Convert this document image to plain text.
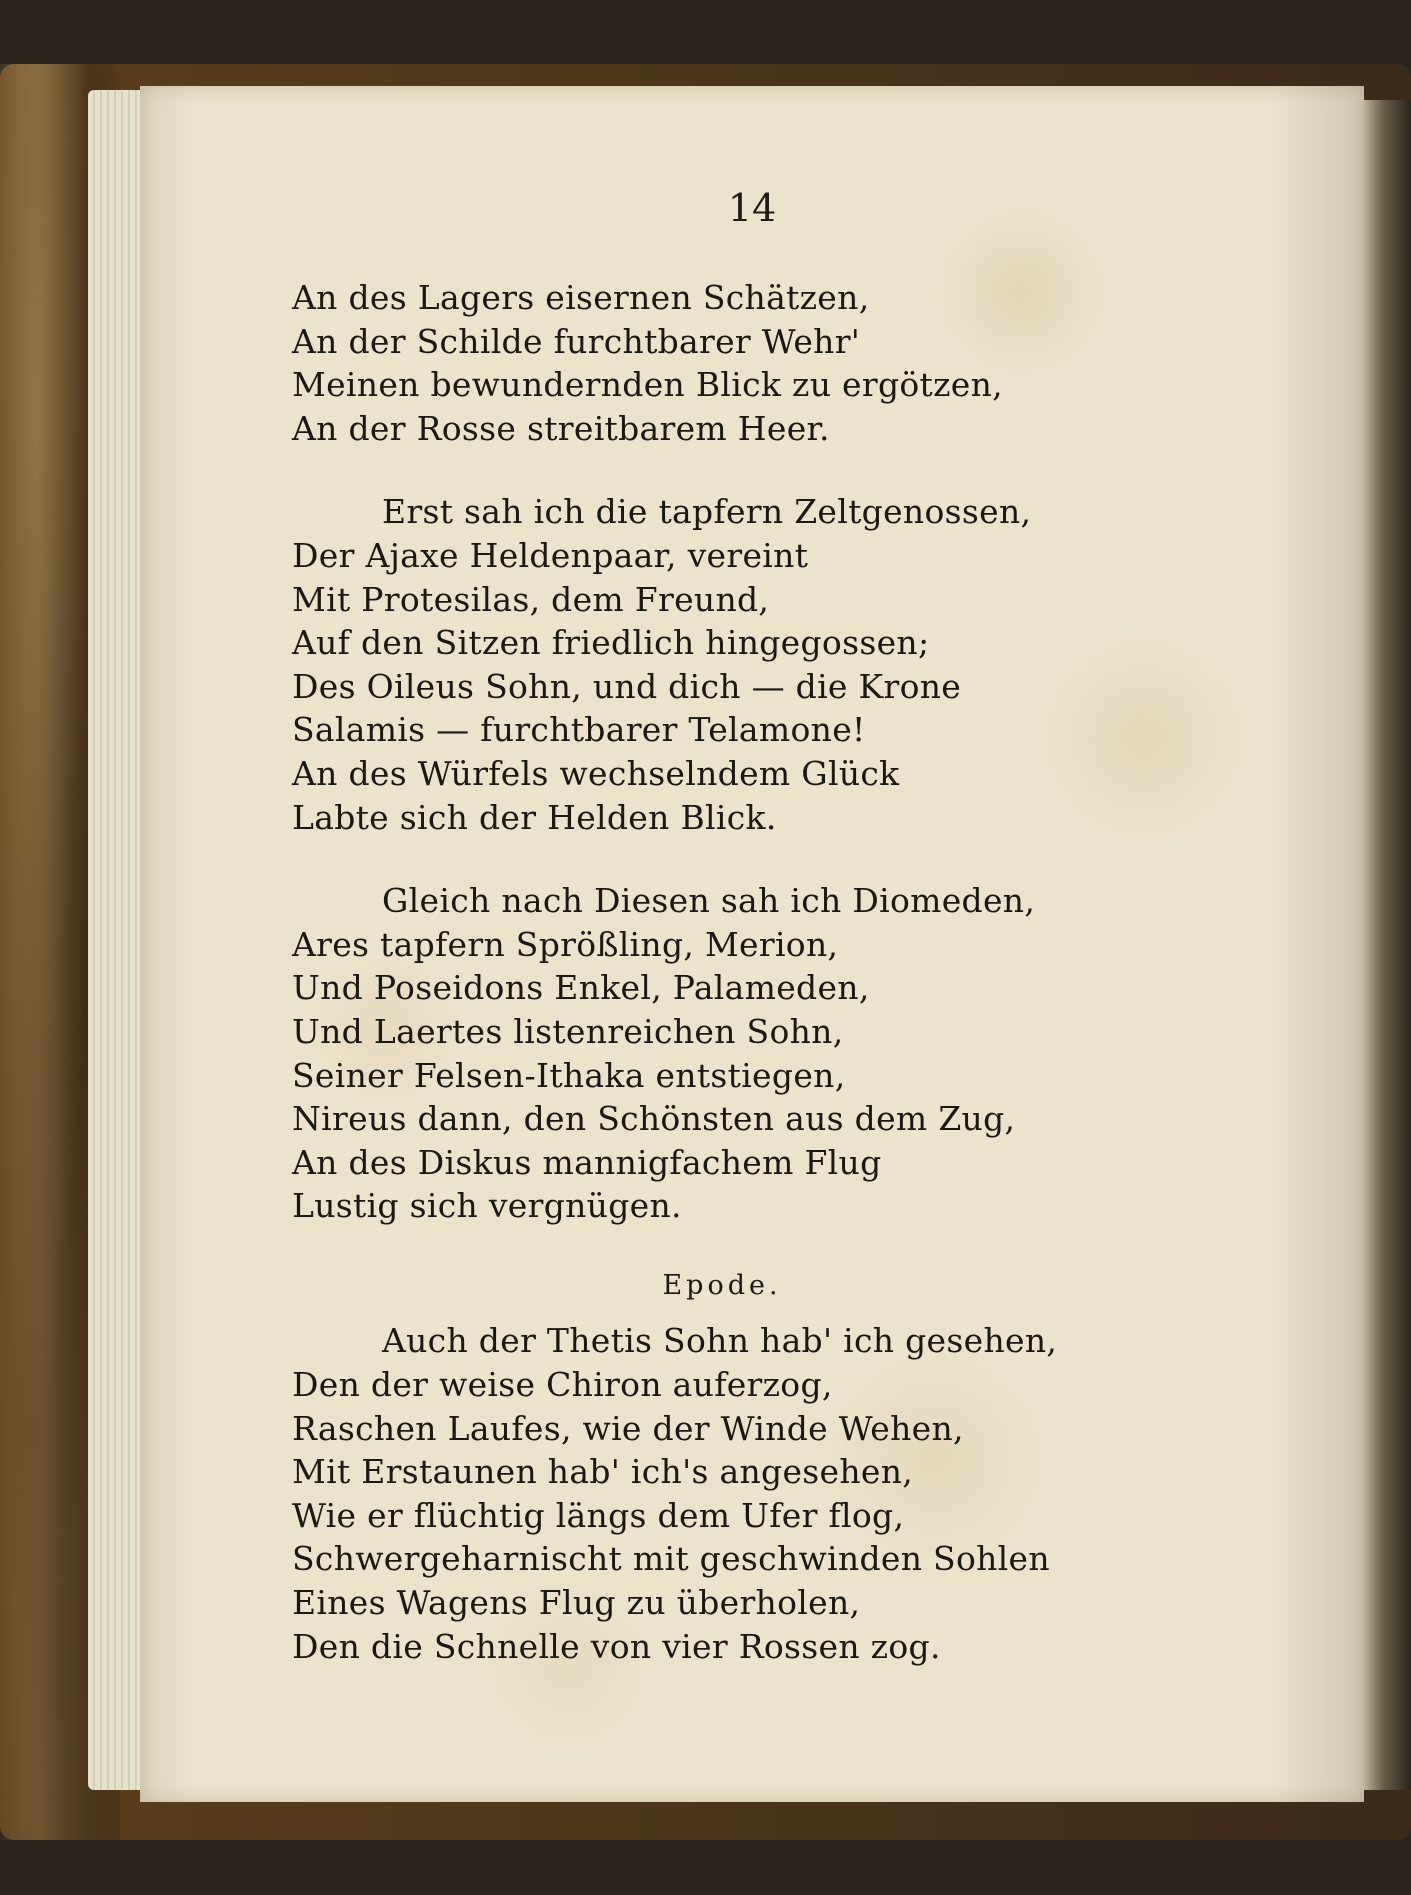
14
An des Lagers eisernen Schätzen,
An der Schilde furchtbarer Wehr'
Meinen bewundernden Blick zu ergötzen,
An der Rosse streitbarem Heer.
Erst sah ich die tapfern Zeltgenossen,
Der Ajaxe Heldenpaar, vereint
Mit Protesilas, dem Freund,
Auf den Sitzen friedlich hingegossen;
Des Oileus Sohn, und dich — die Krone
Salamis — furchtbarer Telamone!
An des Würfels wechselndem Glück
Labte sich der Helden Blick.
Gleich nach Diesen sah ich Diomeden,
Ares tapfern Sprößling, Merion,
Und Poseidons Enkel, Palameden,
Und Laertes listenreichen Sohn,
Seiner Felsen-Ithaka entstiegen,
Nireus dann, den Schönsten aus dem Zug,
An des Diskus mannigfachem Flug
Lustig sich vergnügen.
Epode.
Auch der Thetis Sohn hab' ich gesehen,
Den der weise Chiron auferzog,
Raschen Laufes, wie der Winde Wehen,
Mit Erstaunen hab' ich's angesehen,
Wie er flüchtig längs dem Ufer flog,
Schwergeharnischt mit geschwinden Sohlen
Eines Wagens Flug zu überholen,
Den die Schnelle von vier Rossen zog.
